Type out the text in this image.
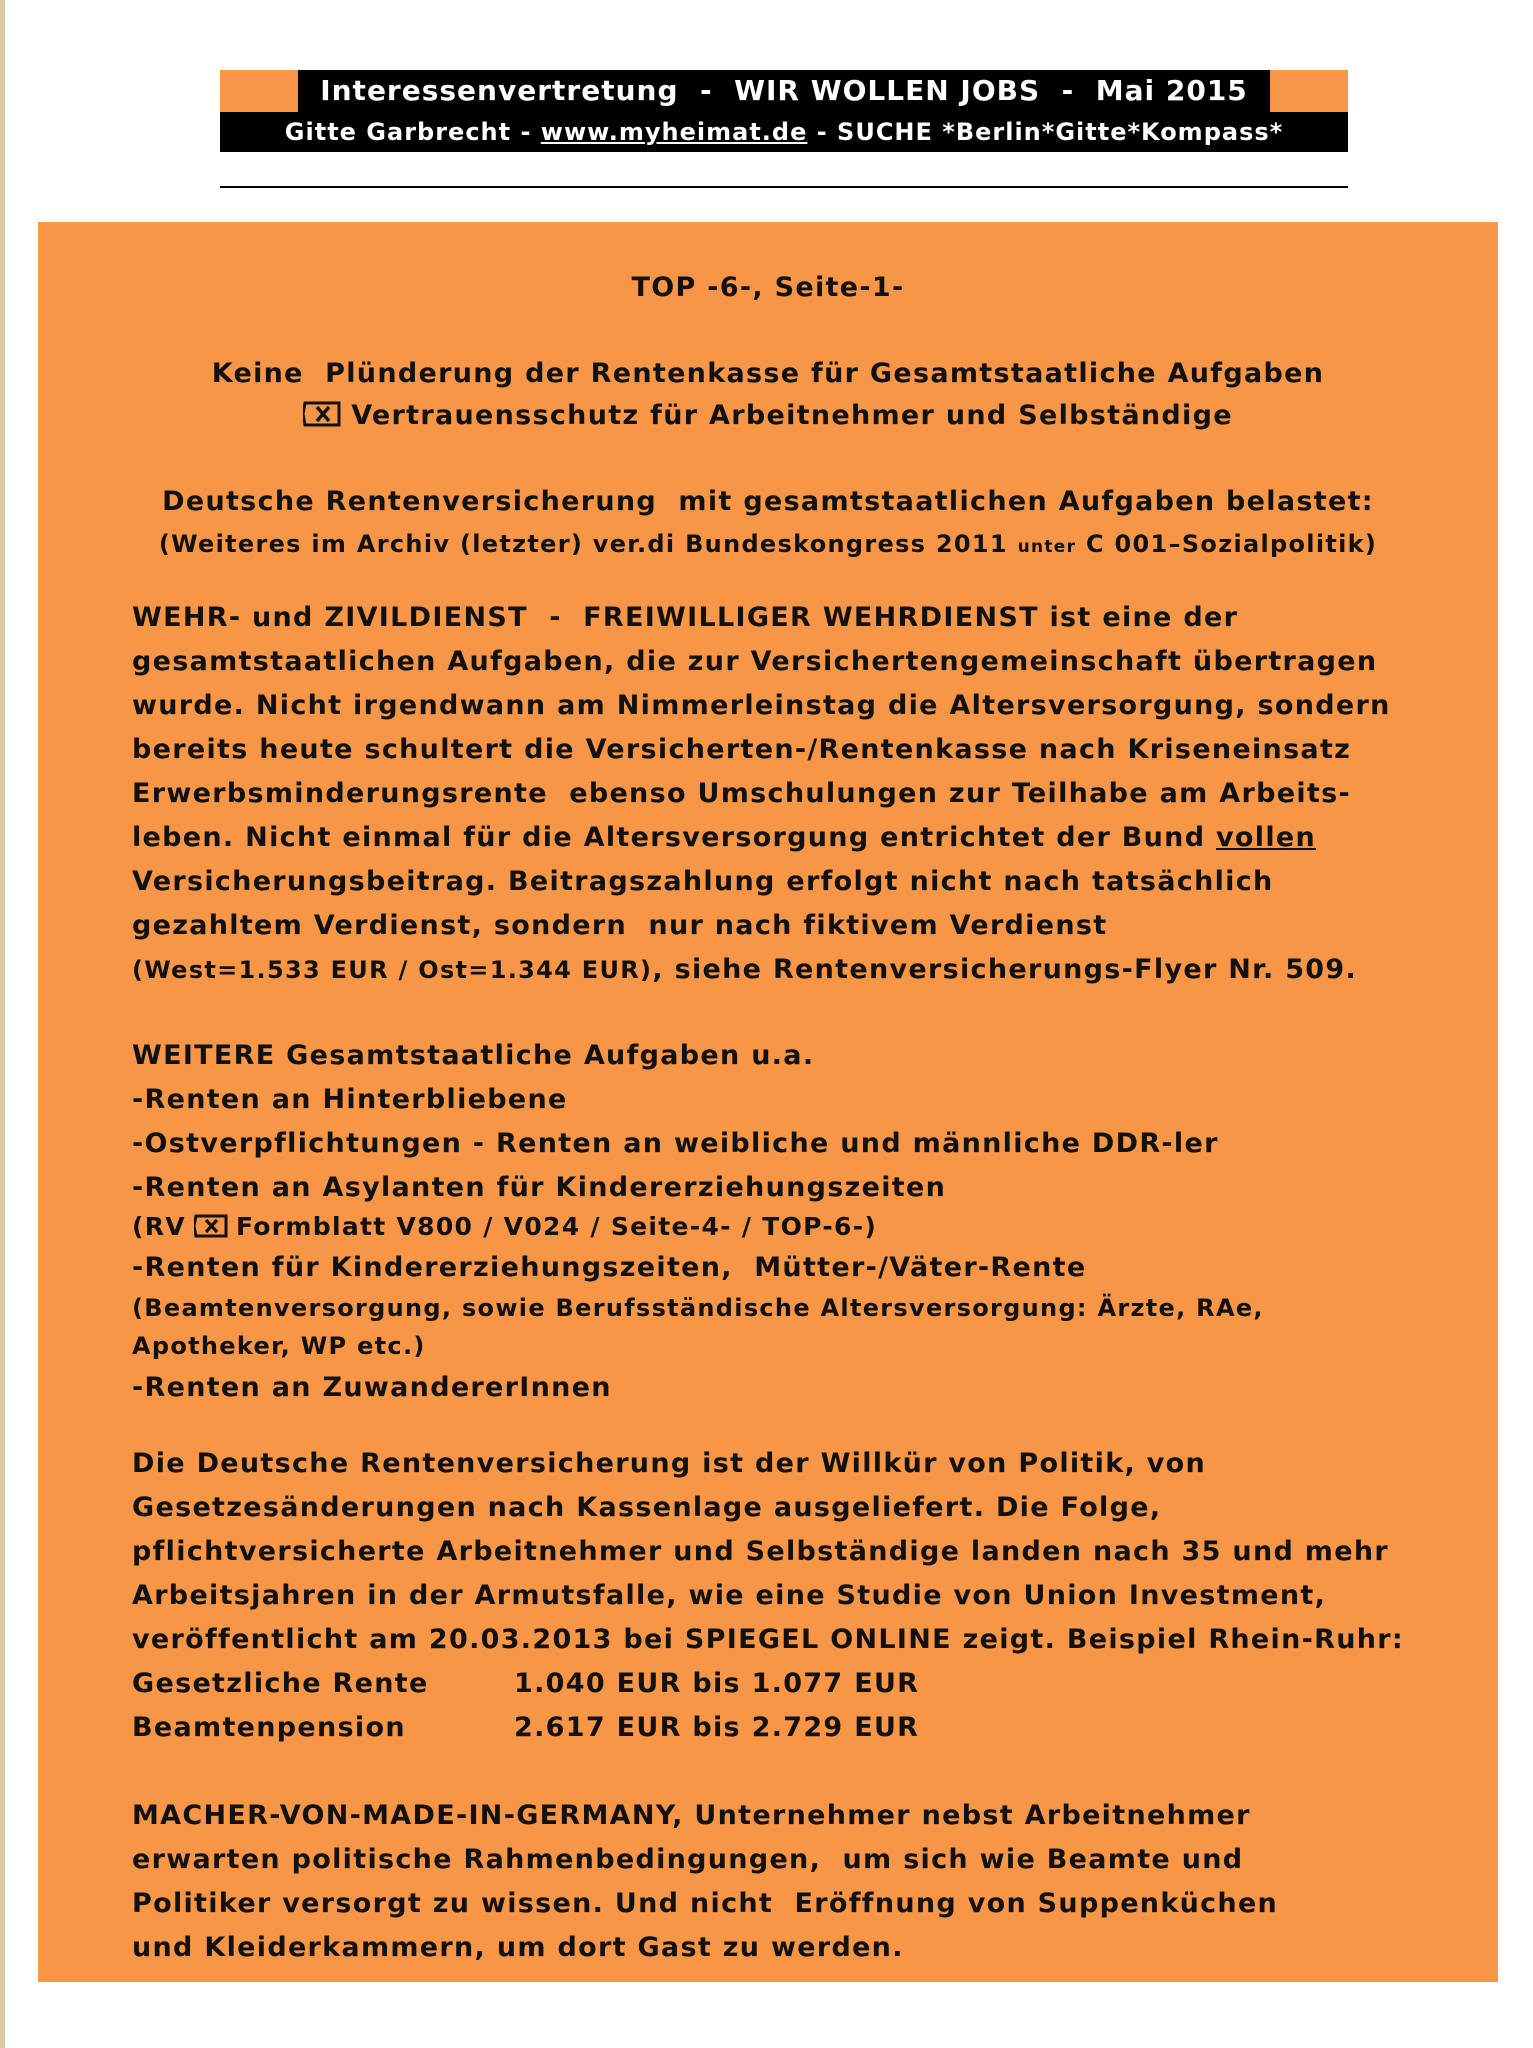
Interessenvertretung  -  WIR WOLLEN JOBS  -  Mai 2015
Gitte Garbrecht - www.myheimat.de - SUCHE *Berlin*Gitte*Kompass*
TOP -6-, Seite-1-
Keine  Plünderung der Rentenkasse für Gesamtstaatliche Aufgaben
Vertrauensschutz für Arbeitnehmer und Selbständige
Deutsche Rentenversicherung  mit gesamtstaatlichen Aufgaben belastet:
(Weiteres im Archiv (letzter) ver.di Bundeskongress 2011 unter C 001–Sozialpolitik)
WEHR- und ZIVILDIENST  -  FREIWILLIGER WEHRDIENST ist eine der
gesamtstaatlichen Aufgaben, die zur Versichertengemeinschaft übertragen
wurde. Nicht irgendwann am Nimmerleinstag die Altersversorgung, sondern
bereits heute schultert die Versicherten-/Rentenkasse nach Kriseneinsatz
Erwerbsminderungsrente  ebenso Umschulungen zur Teilhabe am Arbeits-
leben. Nicht einmal für die Altersversorgung entrichtet der Bund vollen
Versicherungsbeitrag. Beitragszahlung erfolgt nicht nach tatsächlich
gezahltem Verdienst, sondern  nur nach fiktivem Verdienst
(West=1.533 EUR / Ost=1.344 EUR), siehe Rentenversicherungs-Flyer Nr. 509.
WEITERE Gesamtstaatliche Aufgaben u.a.
-Renten an Hinterbliebene
-Ostverpflichtungen - Renten an weibliche und männliche DDR-ler
-Renten an Asylanten für Kindererziehungszeiten
(RV Formblatt V800 / V024 / Seite-4- / TOP-6-)
-Renten für Kindererziehungszeiten,  Mütter-/Väter-Rente
(Beamtenversorgung, sowie Berufsständische Altersversorgung: Ärzte, RAe,
Apotheker, WP etc.)
-Renten an ZuwandererInnen
Die Deutsche Rentenversicherung ist der Willkür von Politik, von
Gesetzesänderungen nach Kassenlage ausgeliefert. Die Folge,
pflichtversicherte Arbeitnehmer und Selbständige landen nach 35 und mehr
Arbeitsjahren in der Armutsfalle, wie eine Studie von Union Investment,
veröffentlicht am 20.03.2013 bei SPIEGEL ONLINE zeigt. Beispiel Rhein-Ruhr:
Gesetzliche Rente	1.040 EUR bis 1.077 EUR
Beamtenpension	2.617 EUR bis 2.729 EUR
MACHER-VON-MADE-IN-GERMANY, Unternehmer nebst Arbeitnehmer
erwarten politische Rahmenbedingungen,  um sich wie Beamte und
Politiker versorgt zu wissen. Und nicht  Eröffnung von Suppenküchen
und Kleiderkammern, um dort Gast zu werden.
